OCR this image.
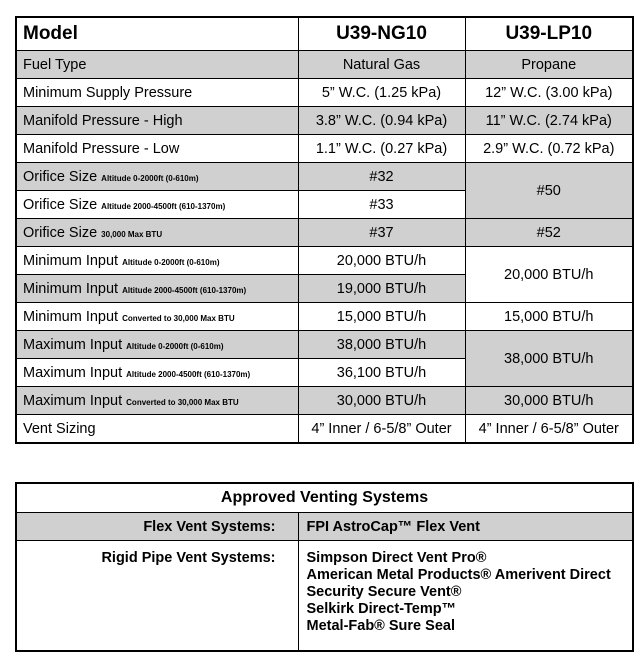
Model	U39-NG10	U39-LP10
Fuel Type	Natural Gas	Propane
Minimum Supply Pressure	5” W.C. (1.25 kPa)	12” W.C. (3.00 kPa)
Manifold Pressure - High	3.8” W.C. (0.94 kPa)	11” W.C. (2.74 kPa)
Manifold Pressure - Low	1.1” W.C. (0.27 kPa)	2.9” W.C. (0.72 kPa)
Orifice Size Altitude 0-2000ft (0-610m)	#32	#50
Orifice Size Altitude 2000-4500ft (610-1370m)	#33	
Orifice Size 30,000 Max BTU	#37	#52
Minimum Input Altitude 0-2000ft (0-610m)	20,000 BTU/h	20,000 BTU/h
Minimum Input Altitude 2000-4500ft (610-1370m)	19,000 BTU/h	
Minimum Input Converted to 30,000 Max BTU	15,000 BTU/h	15,000 BTU/h
Maximum Input Altitude 0-2000ft (0-610m)	38,000 BTU/h	38,000 BTU/h
Maximum Input Altitude 2000-4500ft (610-1370m)	36,100 BTU/h	
Maximum Input Converted to 30,000 Max BTU	30,000 BTU/h	30,000 BTU/h
Vent Sizing	4” Inner / 6-5/8” Outer	4” Inner / 6-5/8” Outer
Approved Venting Systems	
Flex Vent Systems:	FPI AstroCap™ Flex Vent
Rigid Pipe Vent Systems:	Simpson Direct Vent Pro®
American Metal Products® Amerivent Direct
Security Secure Vent®
Selkirk Direct-Temp™
Metal-Fab® Sure Seal
